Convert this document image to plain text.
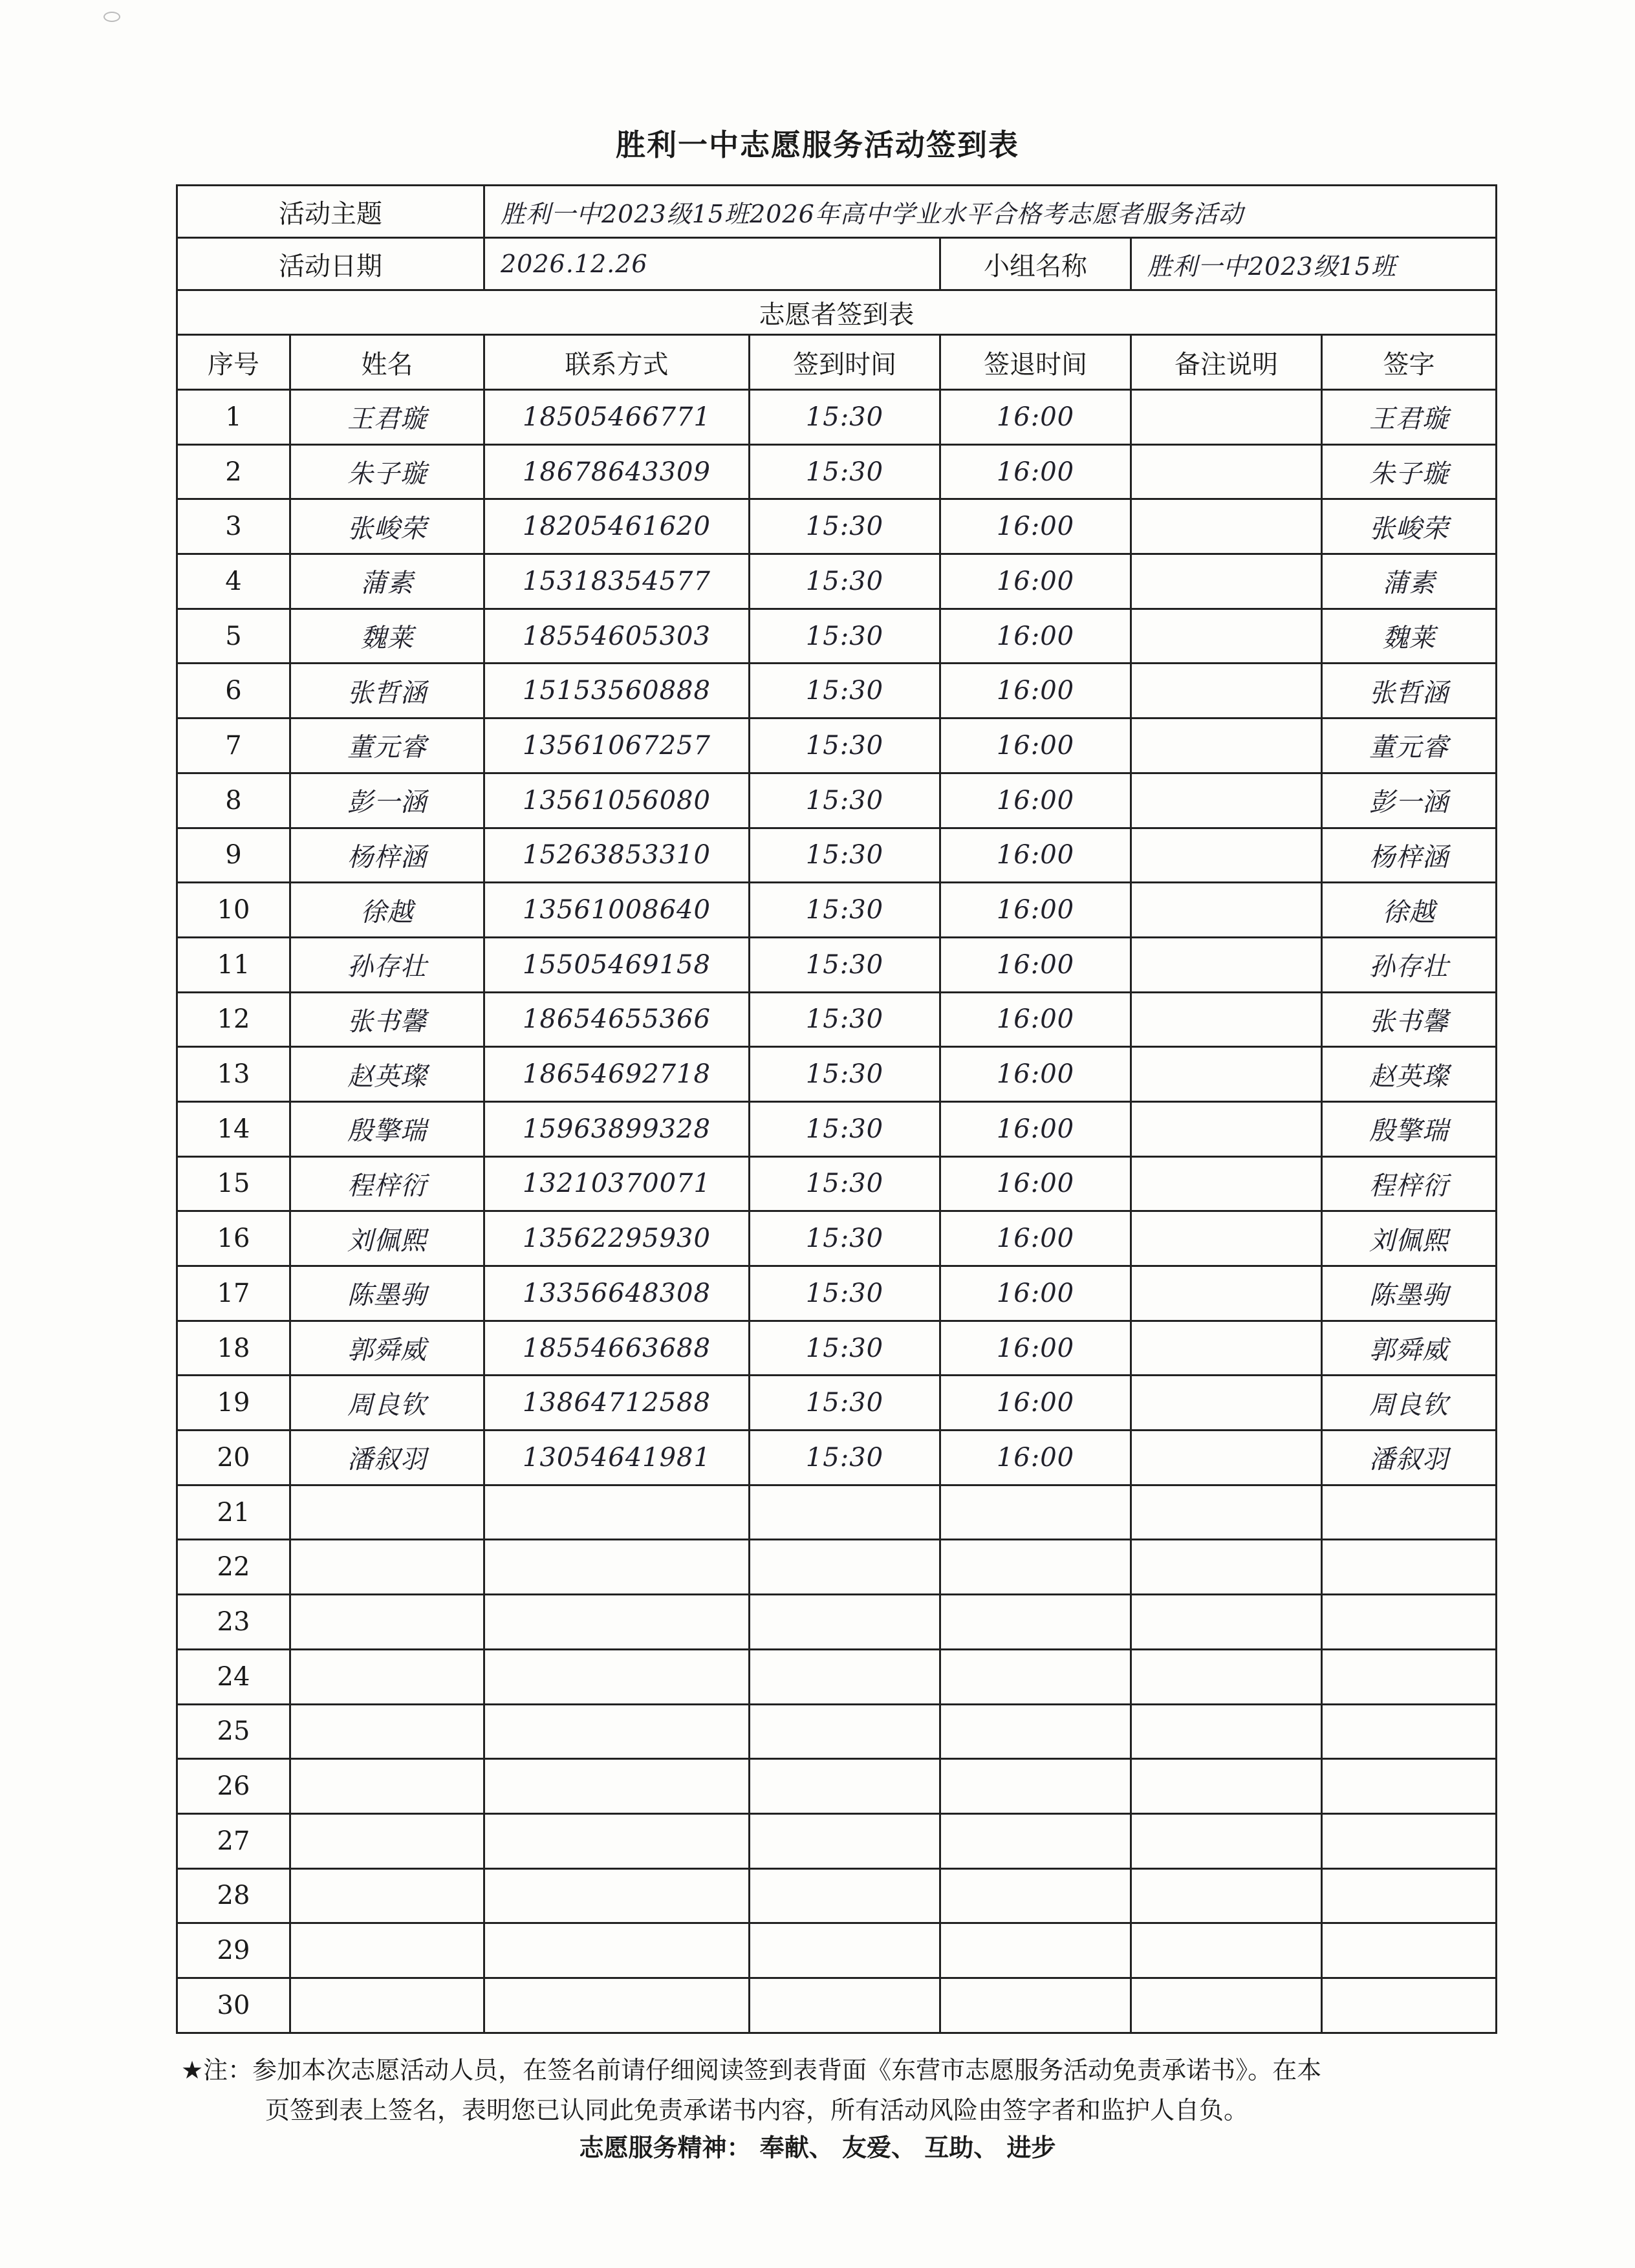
胜利一中志愿服务活动签到表
活动主题		胜利一中2023级15班2026年高中学业水平合格考志愿者服务活动				
活动日期		2026.12.26		小组名称	胜利一中2023级15班	
志愿者签到表						
序号	姓名	联系方式	签到时间	签退时间	备注说明	签字
1	王君璇	18505466771	15:30	16:00		王君璇
2	朱子璇	18678643309	15:30	16:00		朱子璇
3	张峻荣	18205461620	15:30	16:00		张峻荣
4	蒲素	15318354577	15:30	16:00		蒲素
5	魏莱	18554605303	15:30	16:00		魏莱
6	张哲涵	15153560888	15:30	16:00		张哲涵
7	董元睿	13561067257	15:30	16:00		董元睿
8	彭一涵	13561056080	15:30	16:00		彭一涵
9	杨梓涵	15263853310	15:30	16:00		杨梓涵
10	徐越	13561008640	15:30	16:00		徐越
11	孙存壮	15505469158	15:30	16:00		孙存壮
12	张书馨	18654655366	15:30	16:00		张书馨
13	赵英璨	18654692718	15:30	16:00		赵英璨
14	殷擎瑞	15963899328	15:30	16:00		殷擎瑞
15	程梓衍	13210370071	15:30	16:00		程梓衍
16	刘佩熙	13562295930	15:30	16:00		刘佩熙
17	陈墨驹	13356648308	15:30	16:00		陈墨驹
18	郭舜威	18554663688	15:30	16:00		郭舜威
19	周良钦	13864712588	15:30	16:00		周良钦
20	潘叙羽	13054641981	15:30	16:00		潘叙羽
21						
22						
23						
24						
25						
26						
27						
28						
29						
30						
★注：参加本次志愿活动人员，在签名前请仔细阅读签到表背面《东营市志愿服务活动免责承诺书》。在本
页签到表上签名，表明您已认同此免责承诺书内容，所有活动风险由签字者和监护人自负。
志愿服务精神： 奉献、 友爱、 互助、 进步
